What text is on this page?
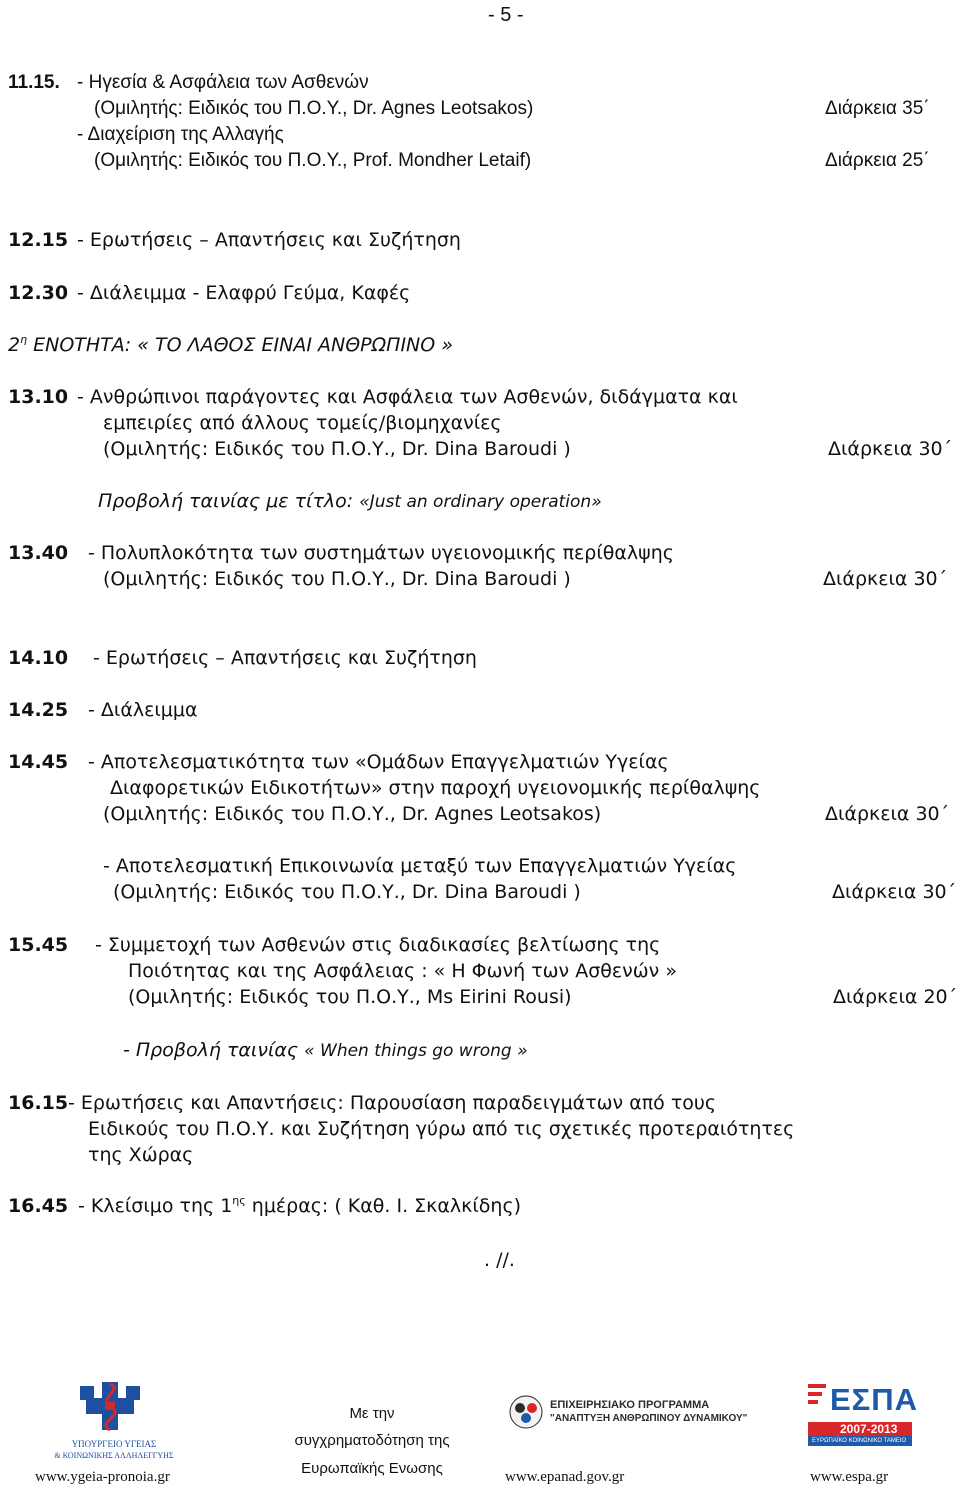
- 5 -
11.15. - Ηγεσία & Ασφάλεια των Ασθενών
(Ομιλητής: Ειδικός του Π.Ο.Υ., Dr. Agnes Leotsakos)	Διάρκεια 35΄
- Διαχείριση της Αλλαγής
(Ομιλητής: Ειδικός του Π.Ο.Υ., Prof. Mondher Letaif)	Διάρκεια 25΄
12.15 - Ερωτήσεις – Απαντήσεις και Συζήτηση
12.30 - Διάλειμμα - Ελαφρύ Γεύμα, Καφές
$2^\eta$ ΕΝΟΤΗΤΑ: « ΤΟ ΛΑΘΟΣ ΕΙΝΑΙ ΑΝΘΡΩΠΙΝΟ »
13.10 - Ανθρώπινοι παράγοντες και Ασφάλεια των Ασθενών, διδάγματα και
εμπειρίες από άλλους τομείς/βιομηχανίες
(Ομιλητής: Ειδικός του Π.Ο.Υ., Dr. Dina Baroudi )	Διάρκεια 30΄
Προβολή ταινίας με τίτλο: «Just an ordinary operation»
13.40 - Πολυπλοκότητα των συστημάτων υγειονομικής περίθαλψης
(Ομιλητής: Ειδικός του Π.Ο.Υ., Dr. Dina Baroudi )	Διάρκεια 30΄
14.10 - Ερωτήσεις – Απαντήσεις και Συζήτηση
14.25 - Διάλειμμα
14.45 - Αποτελεσματικότητα των «Ομάδων Επαγγελματιών Υγείας
Διαφορετικών Ειδικοτήτων» στην παροχή υγειονομικής περίθαλψης
(Ομιλητής: Ειδικός του Π.Ο.Υ., Dr. Agnes Leotsakos)	Διάρκεια 30΄
- Αποτελεσματική Επικοινωνία μεταξύ των Επαγγελματιών Υγείας
(Ομιλητής: Ειδικός του Π.Ο.Υ., Dr. Dina Baroudi )	Διάρκεια 30΄
15.45 - Συμμετοχή των Ασθενών στις διαδικασίες βελτίωσης της
Ποιότητας και της Ασφάλειας : « Η Φωνή των Ασθενών »
(Ομιλητής: Ειδικός του Π.Ο.Υ., Ms Eirini Rousi)	Διάρκεια 20΄
- Προβολή ταινίας « When things go wrong »
16.15 - Ερωτήσεις και Απαντήσεις: Παρουσίαση παραδειγμάτων από τους
Ειδικούς του Π.Ο.Υ. και Συζήτηση γύρω από τις σχετικές προτεραιότητες
της Χώρας
16.45 - Κλείσιμο της $1^{\eta\varsigma}$ ημέρας: ( Καθ. Ι. Σκαλκίδης)
. //.
ΥΠΟΥΡΓΕΙΟ ΥΓΕΙΑΣ
& ΚΟΙΝΩΝΙΚΗΣ ΑΛΛΗΛΕΓΓΥΗΣ
www.ygeia-pronoia.gr
Με την
συγχρηματοδότηση της
Ευρωπαϊκής Ενωσης
ΕΠΙΧΕΙΡΗΣΙΑΚΟ ΠΡΟΓΡΑΜΜΑ
"ΑΝΑΠΤΥΞΗ ΑΝΘΡΩΠΙΝΟΥ ΔΥΝΑΜΙΚΟΥ"
www.epanad.gov.gr
ΕΣΠΑ
2007-2013
ΕΥΡΩΠΑΪΚΟ ΚΟΙΝΩΝΙΚΟ ΤΑΜΕΙΟ
www.espa.gr
